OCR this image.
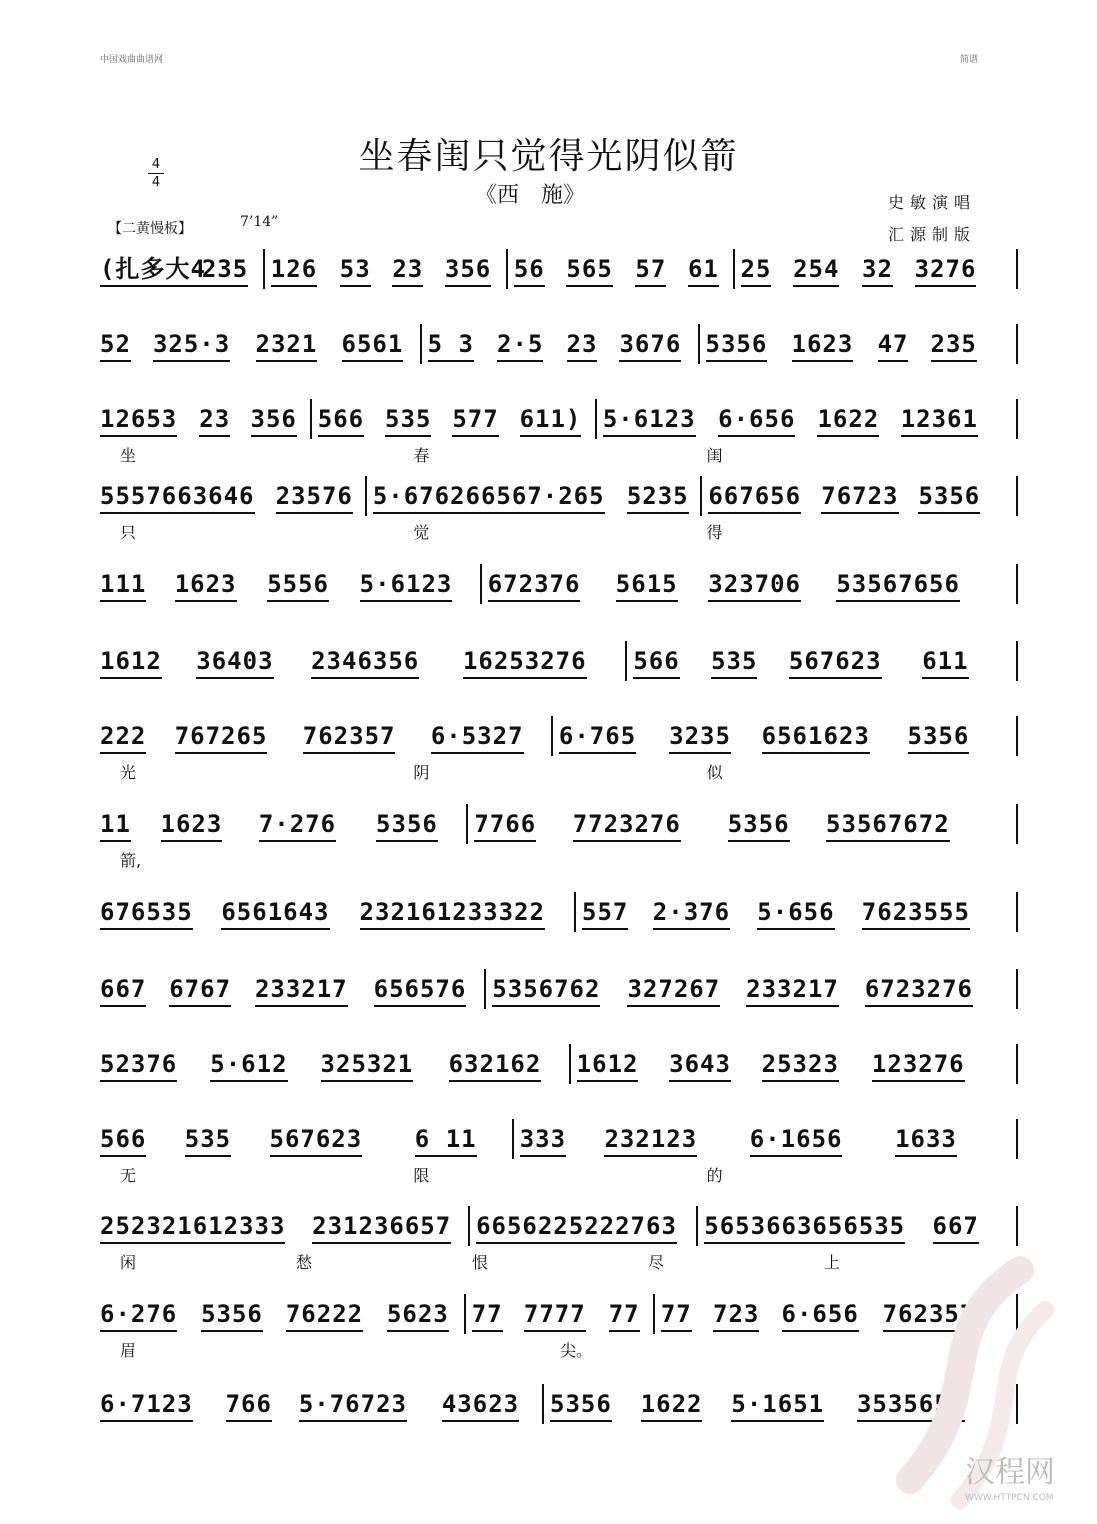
中国戏曲曲谱网	简谱
坐春闺只觉得光阴似箭
《西　施》
4
4
史敏演唱
汇源制版
【二黄慢板】	7’14”
(扎多大4
235 126 53 23 356 56 565 57 61 25 254 32 3276
52 325·3 2321 6561 5 3 2·5 23 3676 5356 1623 47 235
12653 23 356 566 535 577 611) 5·6123 6·656 1622 12361
坐	春	闺
5557663646 23576 5·676266567·265 5235 667656 76723 5356
只	觉	得
111 1623 5556 5·6123 672376 5615 323706 53567656
1612 36403 2346356 16253276 566 535 567623 611
222 767265 762357 6·5327 6·765 3235 6561623 5356
光	阴	似
11 1623 7·276 5356 7766 7723276 5356 53567672
箭,
676535 6561643 232161233322 557 2·376 5·656 7623555
667 6767 233217 656576 5356762 327267 233217 6723276
52376 5·612 325321 632162 1612 3643 25323 123276
566 535 567623 6 11 333 232123 6·1656 1633
无	限	的
252321612333 231236657 6656225222763 5653663656535 667
闲	愁	恨	尽	上
6·276 5356 76222 5623 77 7777 77 77 723 6·656 762357
眉	尖。
6·7123 766 5·76723 43623 5356 1622 5·1651 3535651
汉程网
WWW.HTTPCN.COM
